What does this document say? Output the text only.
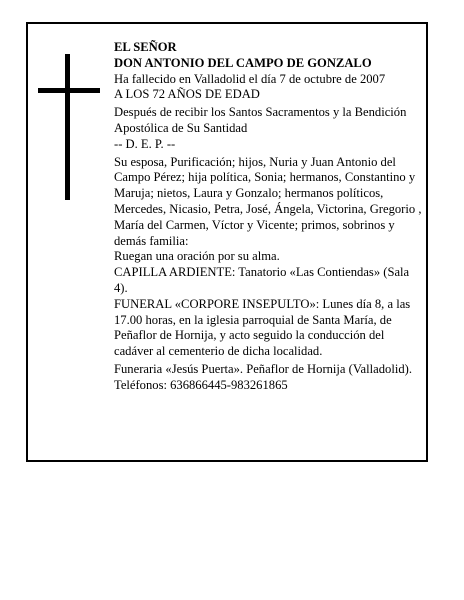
EL SEÑOR

DON ANTONIO DEL CAMPO DE GONZALO

Ha fallecido en Valladolid el día 7 de octubre de 2007

A LOS 72 AÑOS DE EDAD

Después de recibir los Santos Sacramentos y la Bendición Apostólica de Su Santidad

-- D. E. P. --

Su esposa, Purificación; hijos, Nuria y Juan Antonio del Campo Pérez; hija política, Sonia; hermanos, Constantino y Maruja; nietos, Laura y Gonzalo; hermanos políticos, Mercedes, Nicasio, Petra, José, Ángela, Victorina, Gregorio , María del Carmen, Víctor y Vicente; primos, sobrinos y demás familia:

Ruegan una oración por su alma.

CAPILLA ARDIENTE: Tanatorio «Las Contiendas» (Sala 4).

FUNERAL «CORPORE INSEPULTO»: Lunes día 8, a las 17.00 horas, en la iglesia parroquial de Santa María, de Peñaflor de Hornija, y acto seguido la conducción del cadáver al cementerio de dicha localidad.

Funeraria «Jesús Puerta». Peñaflor de Hornija (Valladolid). Teléfonos: 636866445-983261865
